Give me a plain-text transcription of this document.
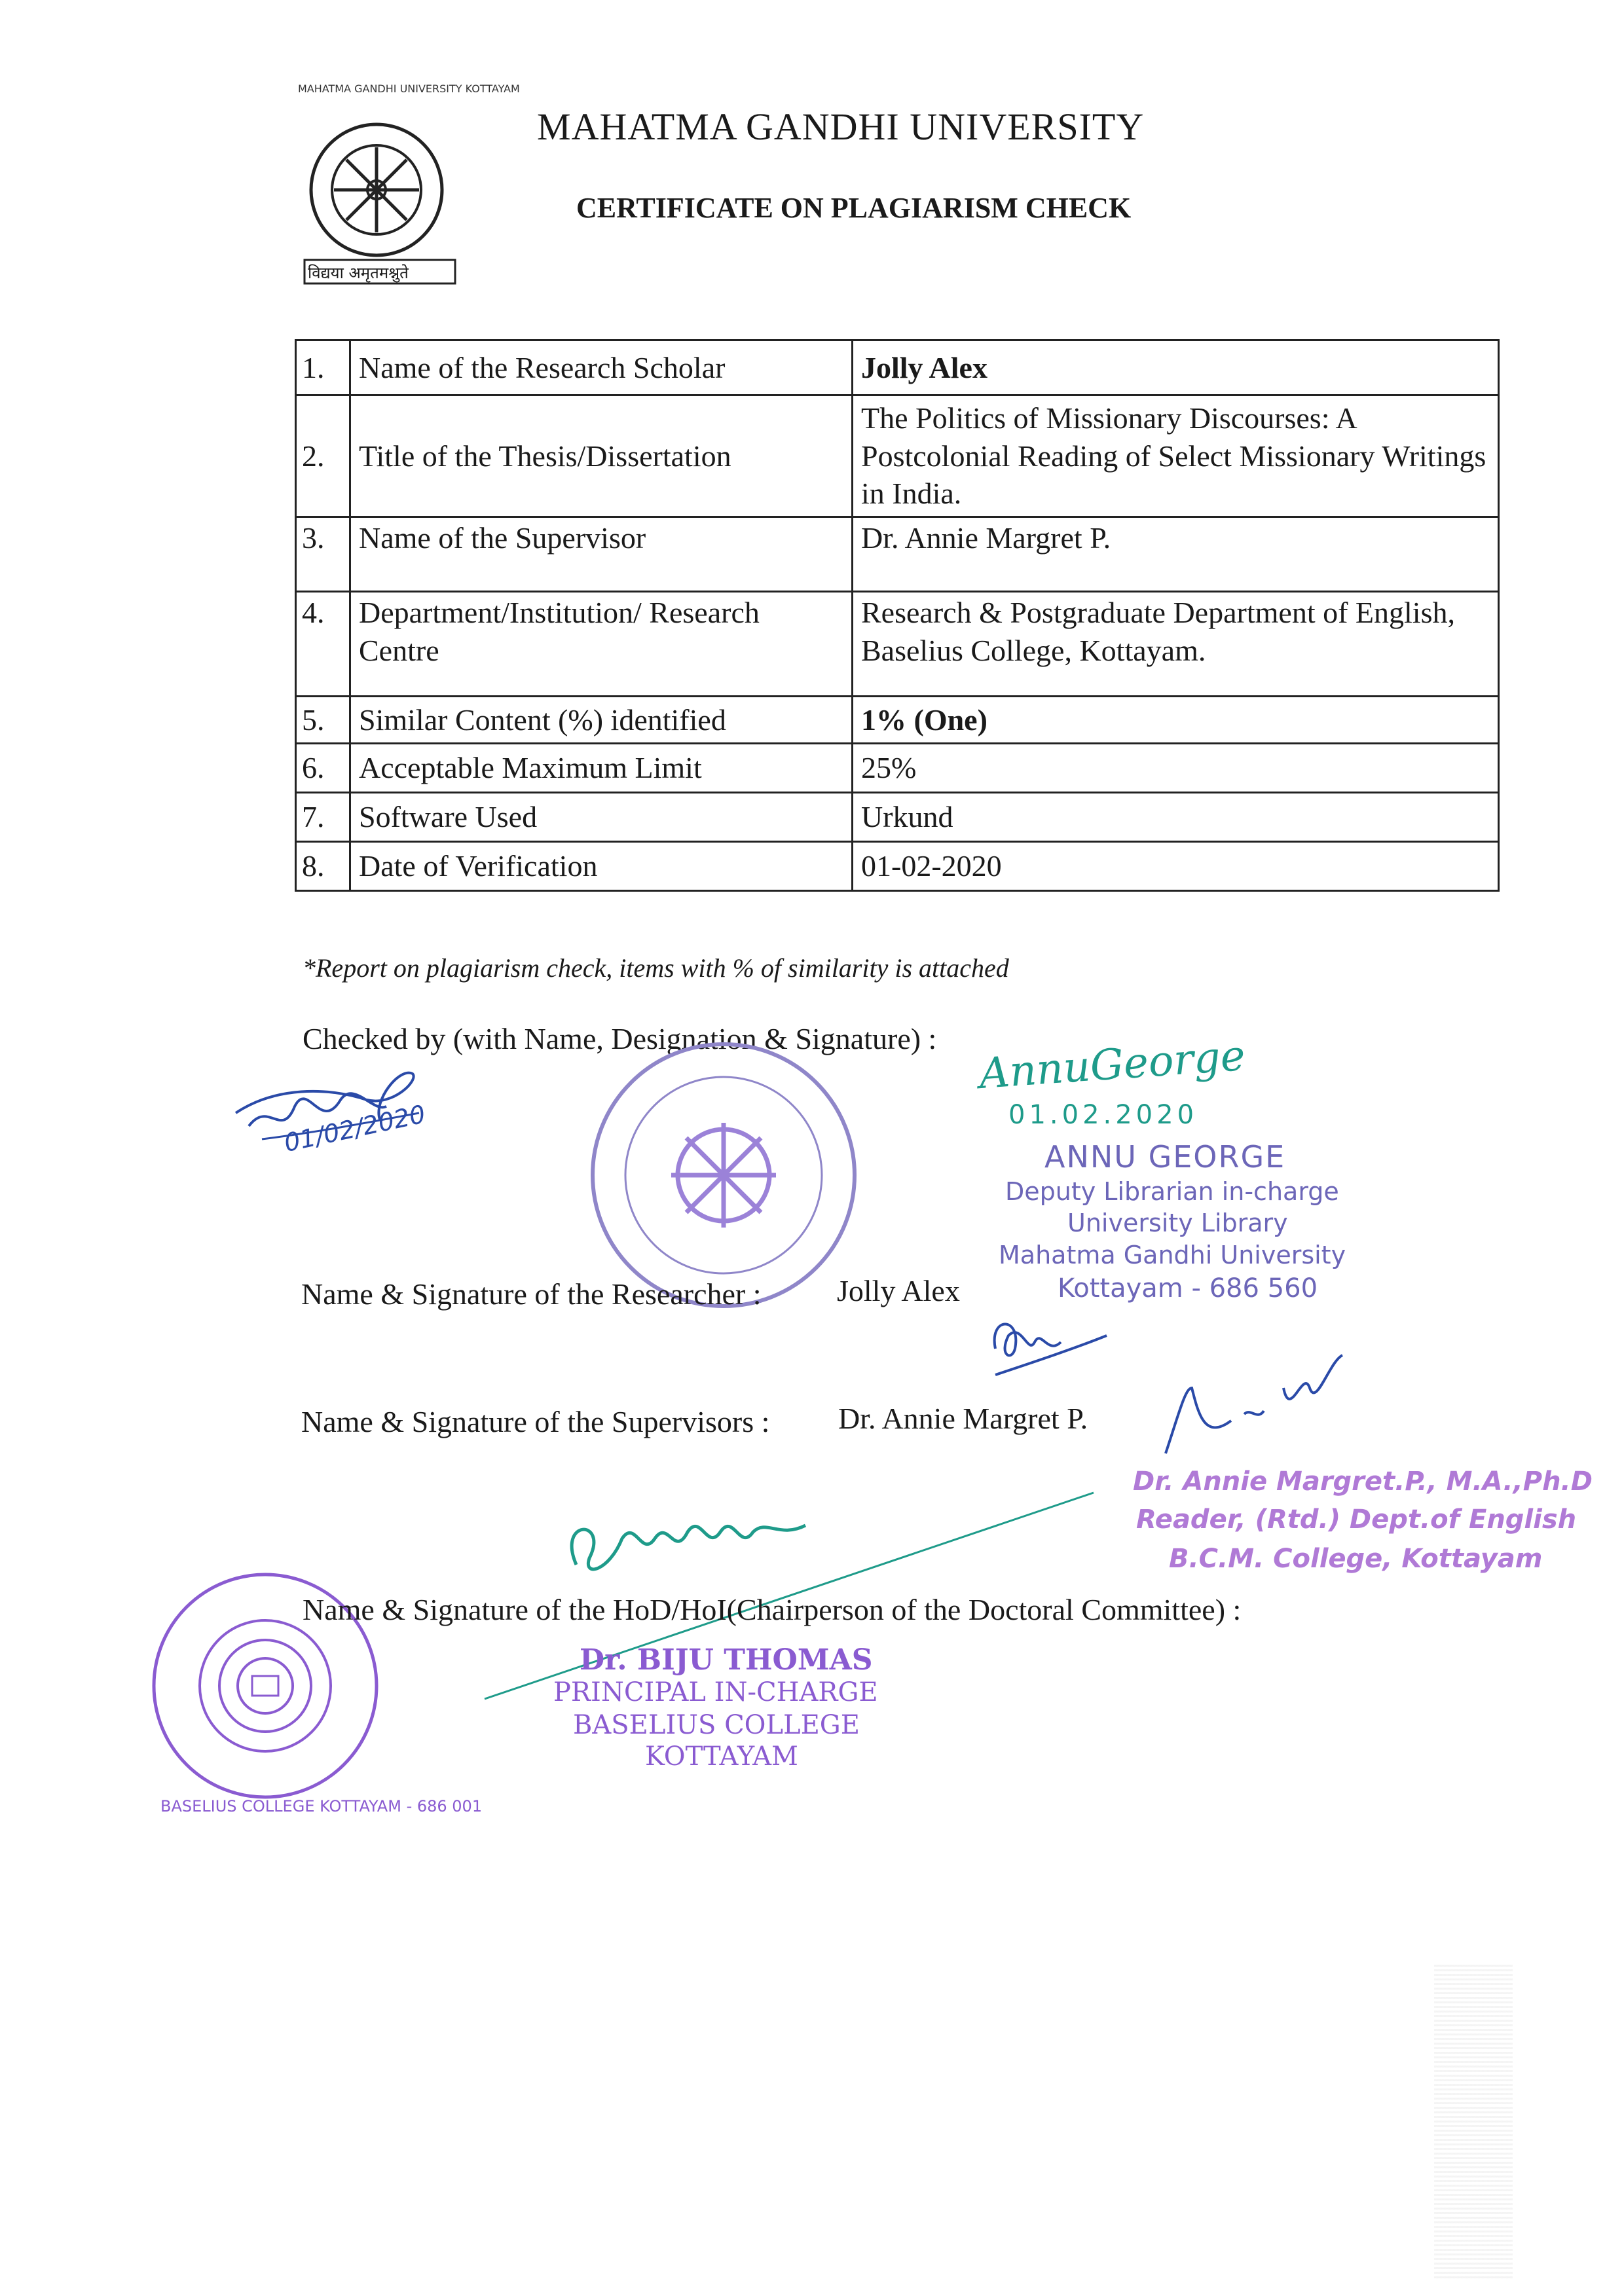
विद्यया अमृतमश्नुते
MAHATMA GANDHI UNIVERSITY KOTTAYAM
MAHATMA GANDHI UNIVERSITY
CERTIFICATE ON PLAGIARISM CHECK
1.	Name of the Research Scholar	Jolly Alex
2.	Title of the Thesis/Dissertation	The Politics of Missionary Discourses: A Postcolonial Reading of Select Missionary Writings in India.
3.	Name of the Supervisor	Dr. Annie Margret P.
4.	Department/Institution/ Research Centre	Research & Postgraduate Department of English, Baselius College, Kottayam.
5.	Similar Content (%) identified	1% (One)
6.	Acceptable Maximum Limit	25%
7.	Software Used	Urkund
8.	Date of Verification	01-02-2020
*Report on plagiarism check, items with % of similarity is attached
Checked by (with Name, Designation & Signature) :
01/02/2020
AnnuGeorge
01.02.2020
ANNU GEORGE
Deputy Librarian in-charge
University Library
Mahatma Gandhi University
Kottayam - 686 560
Name & Signature of the Researcher :	Jolly Alex
Name & Signature of the Supervisors : Dr. Annie Margret P.
Dr. Annie Margret.P., M.A.,Ph.D
Reader, (Rtd.) Dept.of English
B.C.M. College, Kottayam
BASELIUS COLLEGE KOTTAYAM - 686 001
Name & Signature of the HoD/HoI(Chairperson of the Doctoral Committee) :
Dr. BIJU THOMAS
PRINCIPAL IN-CHARGE
BASELIUS COLLEGE
KOTTAYAM
